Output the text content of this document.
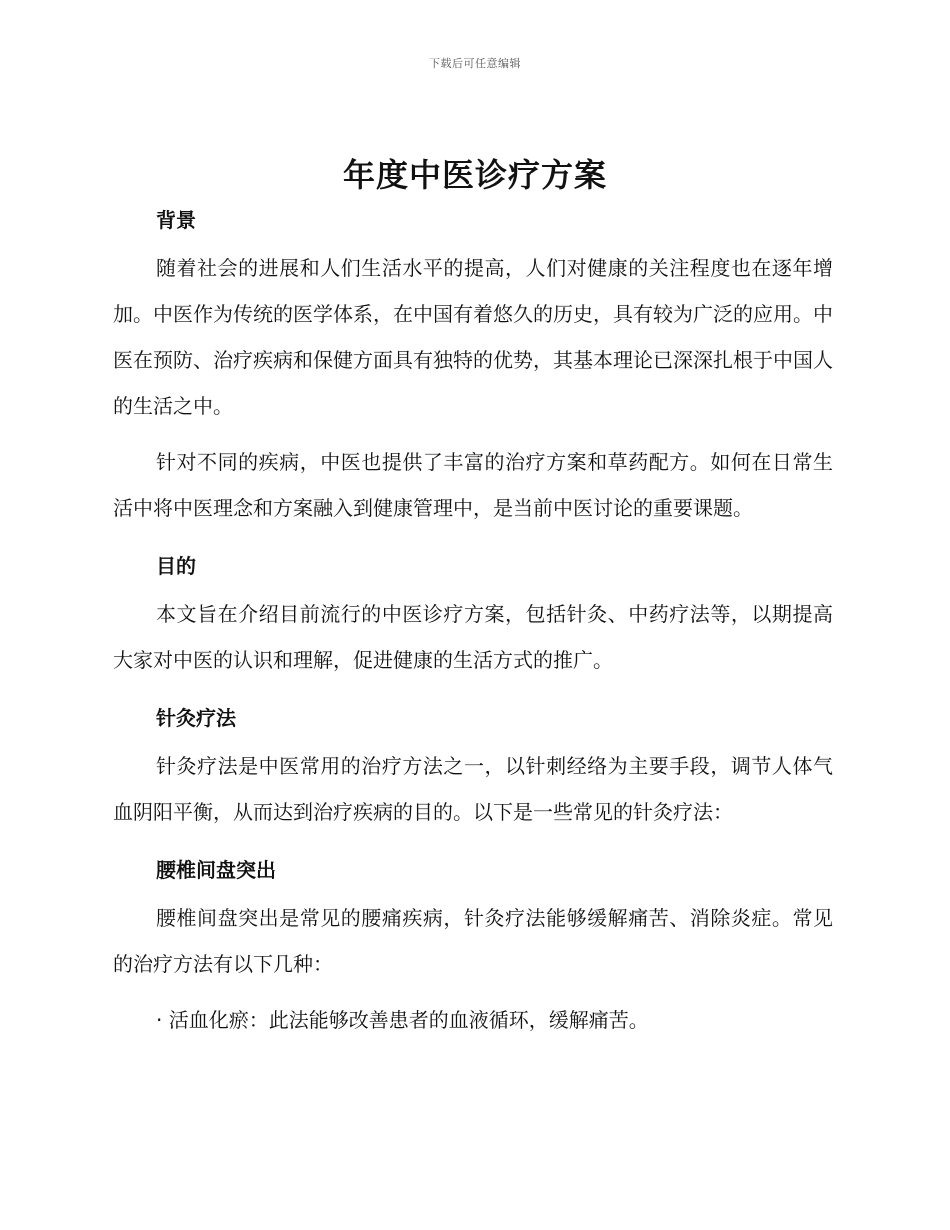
下载后可任意编辑
年度中医诊疗方案
背景

随着社会的进展和人们生活水平的提高，人们对健康的关注程度也在逐年增加。中医作为传统的医学体系，在中国有着悠久的历史，具有较为广泛的应用。中医在预防、治疗疾病和保健方面具有独特的优势，其基本理论已深深扎根于中国人的生活之中。

针对不同的疾病，中医也提供了丰富的治疗方案和草药配方。如何在日常生活中将中医理念和方案融入到健康管理中，是当前中医讨论的重要课题。

目的

本文旨在介绍目前流行的中医诊疗方案，包括针灸、中药疗法等，以期提高大家对中医的认识和理解，促进健康的生活方式的推广。

针灸疗法

针灸疗法是中医常用的治疗方法之一，以针刺经络为主要手段，调节人体气血阴阳平衡，从而达到治疗疾病的目的。以下是一些常见的针灸疗法：

腰椎间盘突出

腰椎间盘突出是常见的腰痛疾病，针灸疗法能够缓解痛苦、消除炎症。常见的治疗方法有以下几种：

· 活血化瘀：此法能够改善患者的血液循环，缓解痛苦。
